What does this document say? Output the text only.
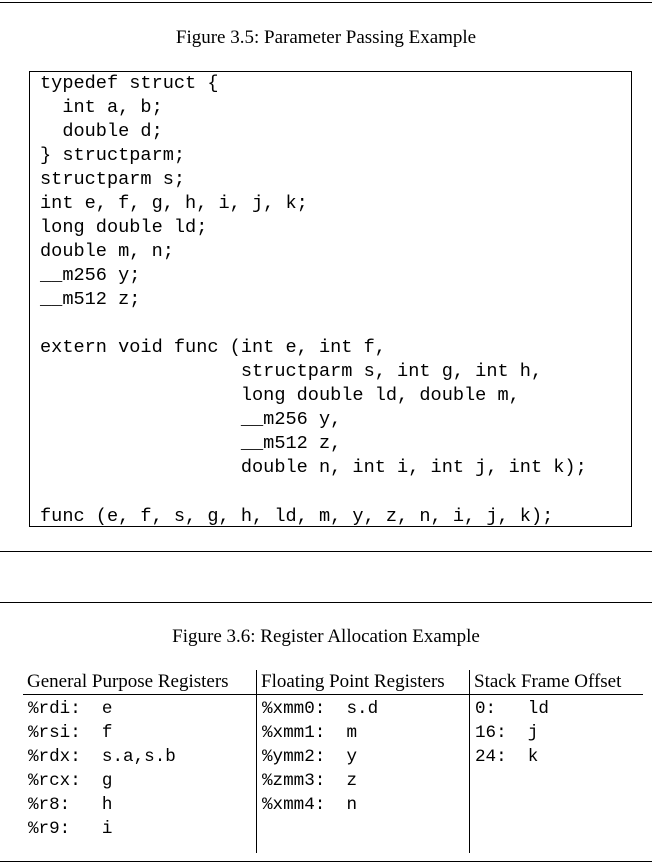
Figure 3.5: Parameter Passing Example

typedef struct {

int a, b;

double d;

} structparm;

structparm s;

int e, f, g, h, i, j, k;

long double ld;

double m, n;

__m256 y;

__m512 z;

extern void func (int e, int f,

structparm s, int g, int h,

long double ld, double m,

__m256 y,

__m512 z,

double n, int i, int j, int k);

func (e, f, s, g, h, ld, m, y, z, n, i, j, k);

Figure 3.6: Register Allocation Example
General Purpose Registers	Floating Point Registers	Stack Frame Offset
%rdi:  e	%xmm0:  s.d	0:   ld
%rsi:  f	%xmm1:  m	16:  j
%rdx:  s.a,s.b	%ymm2:  y	24:  k
%rcx:  g	%zmm3:  z	
%r8:   h	%xmm4:  n	
%r9:   i		
